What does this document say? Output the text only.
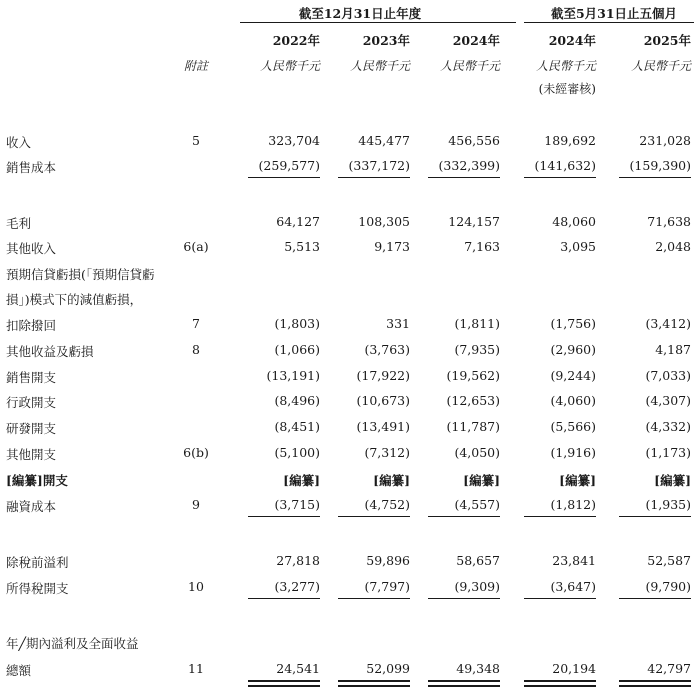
截至12月31日止年度	截至5月31日止五個月
2022年	2023年	2024年	2024年	2025年
附註	人民幣千元	人民幣千元	人民幣千元	人民幣千元	人民幣千元
(未經審核)
收入	5	323,704	445,477	456,556	189,692	231,028
銷售成本	(259,577)	(337,172)	(332,399)	(141,632)	(159,390)
毛利	64,127	108,305	124,157	48,060	71,638
其他收入	6(a)	5,513	9,173	7,163	3,095	2,048
預期信貸虧損(「預期信貸虧
損」)模式下的減值虧損，
扣除撥回	7	(1,803)	331	(1,811)	(1,756)	(3,412)
其他收益及虧損	8	(1,066)	(3,763)	(7,935)	(2,960)	4,187
銷售開支	(13,191)	(17,922)	(19,562)	(9,244)	(7,033)
行政開支	(8,496)	(10,673)	(12,653)	(4,060)	(4,307)
研發開支	(8,451)	(13,491)	(11,787)	(5,566)	(4,332)
其他開支	6(b)	(5,100)	(7,312)	(4,050)	(1,916)	(1,173)
[編纂]開支	[編纂]	[編纂]	[編纂]	[編纂]	[編纂]
融資成本	9	(3,715)	(4,752)	(4,557)	(1,812)	(1,935)
除稅前溢利	27,818	59,896	58,657	23,841	52,587
所得稅開支	10	(3,277)	(7,797)	(9,309)	(3,647)	(9,790)
年╱期內溢利及全面收益
總額	11	24,541	52,099	49,348	20,194	42,797
